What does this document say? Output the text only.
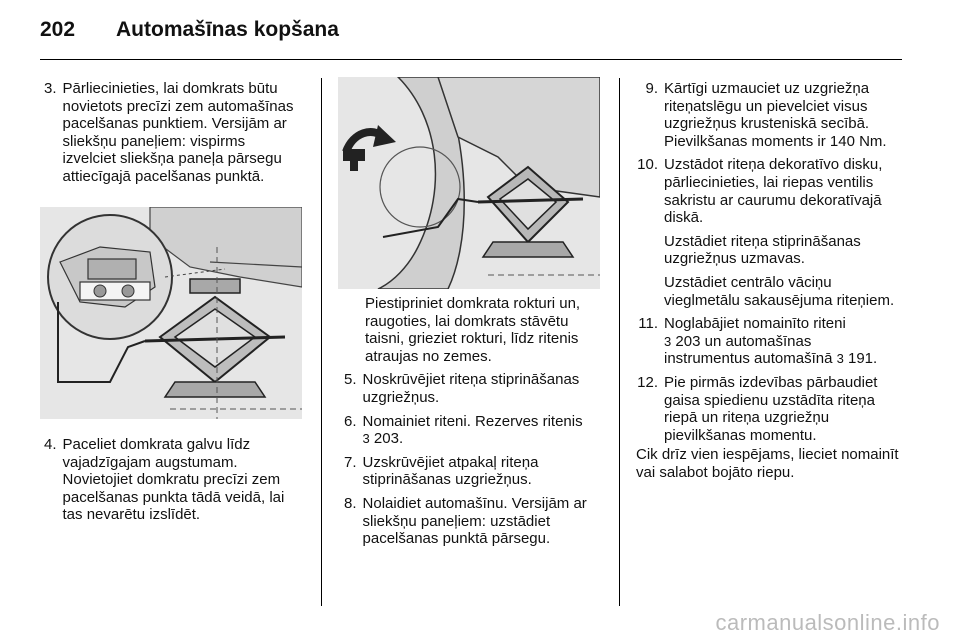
202	Automašīnas kopšana
3. Pārliecinieties, lai domkrats būtu novietots precīzi zem automašīnas pacelšanas punktiem. Versijām ar sliekšņu paneļiem: vispirms izvelciet sliekšņa paneļa pārsegu attiecīgajā pacelšanas punktā.
4. Paceliet domkrata galvu līdz vajadzīgajam augstumam. Novietojiet domkratu precīzi zem pacelšanas punkta tādā veidā, lai tas nevarētu izslīdēt.
Piestipriniet domkrata rokturi un, raugoties, lai domkrats stāvētu taisni, grieziet rokturi, līdz ritenis atraujas no zemes.
5. Noskrūvējiet riteņa stiprināšanas uzgriežņus.
6. Nomainiet riteni. Rezerves ritenis
3 203.
7. Uzskrūvējiet atpakaļ riteņa stiprināšanas uzgriežņus.
8. Nolaidiet automašīnu. Versijām ar sliekšņu paneļiem: uzstādiet pacelšanas punktā pārsegu.
9. Kārtīgi uzmauciet uz uzgriežņa riteņatslēgu un pievelciet visus uzgriežņus krusteniskā secībā. Pievilkšanas moments ir 140 Nm.
10. Uzstādot riteņa dekoratīvo disku, pārliecinieties, lai riepas ventilis sakristu ar caurumu dekoratīvajā diskā.
Uzstādiet riteņa stiprināšanas uzgriežņus uzmavas.
Uzstādiet centrālo vāciņu vieglmetālu sakausējuma riteņiem.
11. Noglabājiet nomainīto riteni
3 203 un automašīnas
instrumentus automašīnā 3 191.
12. Pie pirmās izdevības pārbaudiet gaisa spiedienu uzstādīta riteņa riepā un riteņa uzgriežņu pievilkšanas momentu.
Cik drīz vien iespējams, lieciet nomainīt vai salabot bojāto riepu.
carmanualsonline.info
